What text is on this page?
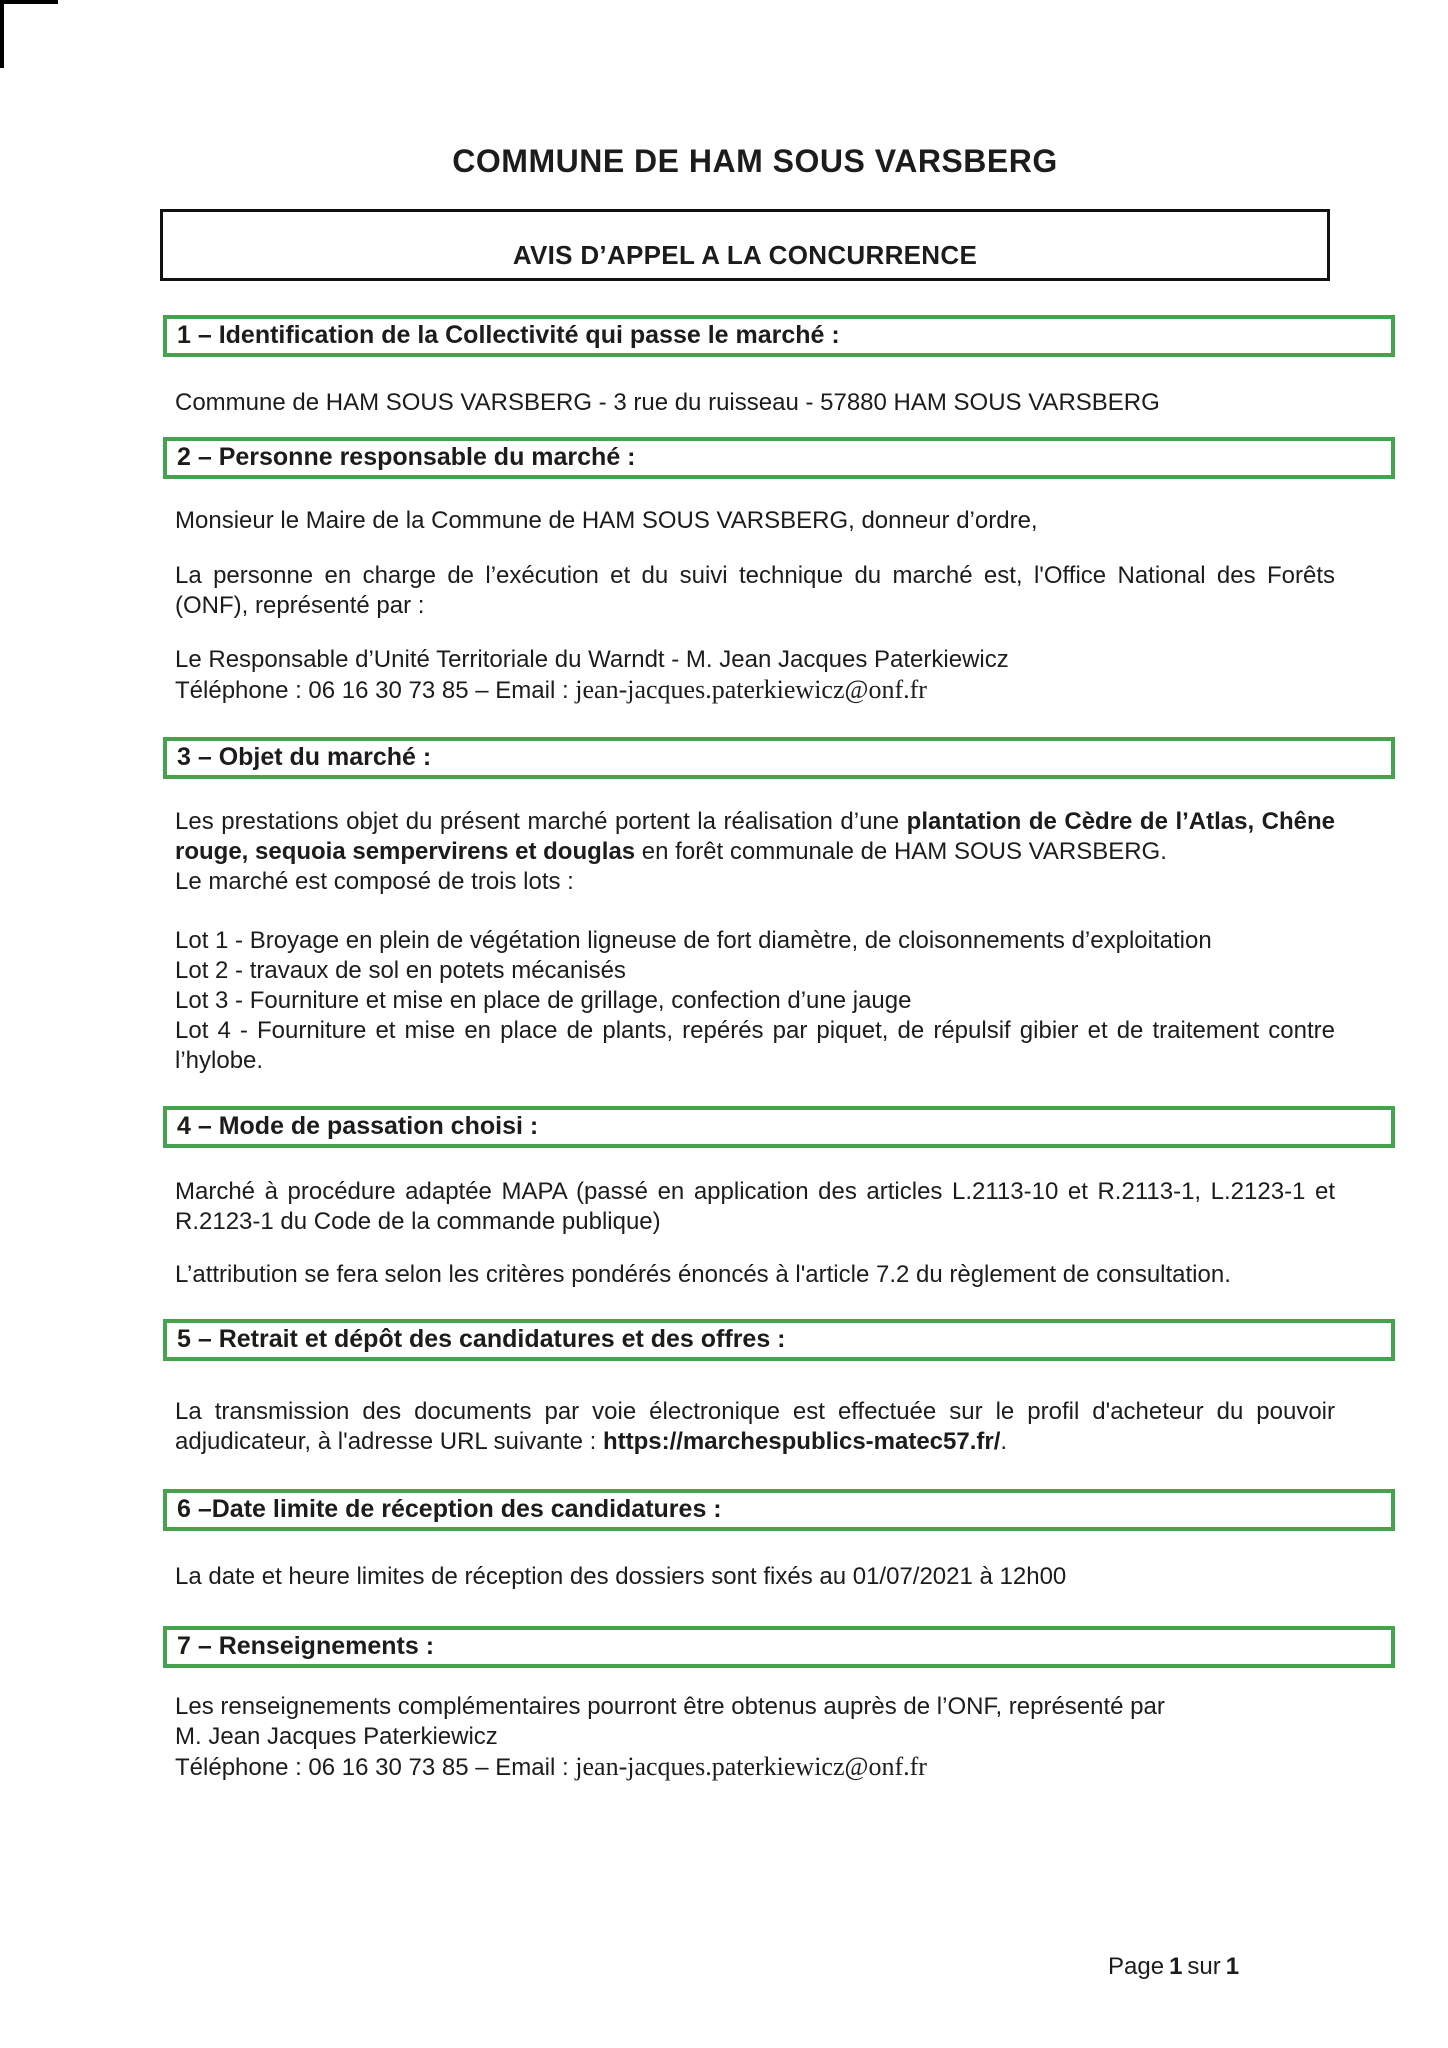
COMMUNE DE HAM SOUS VARSBERG
AVIS D’APPEL A LA CONCURRENCE
1 – Identification de la Collectivité qui passe le marché :
Commune de HAM SOUS VARSBERG - 3 rue du ruisseau - 57880 HAM SOUS VARSBERG
2 – Personne responsable du marché :
Monsieur le Maire de la Commune de HAM SOUS VARSBERG, donneur d’ordre,
La personne en charge de l’exécution et du suivi technique du marché est, l'Office National des Forêts (ONF), représenté par :
Le Responsable d’Unité Territoriale du Warndt - M. Jean Jacques Paterkiewicz
Téléphone : 06 16 30 73 85 – Email : jean-jacques.paterkiewicz@onf.fr
3 – Objet du marché :
Les prestations objet du présent marché portent la réalisation d’une plantation de Cèdre de l’Atlas, Chêne rouge, sequoia sempervirens et douglas en forêt communale de HAM SOUS VARSBERG.
Le marché est composé de trois lots :
Lot 1 - Broyage en plein de végétation ligneuse de fort diamètre, de cloisonnements d’exploitation
Lot 2 - travaux de sol en potets mécanisés
Lot 3 - Fourniture et mise en place de grillage, confection d’une jauge
Lot 4 - Fourniture et mise en place de plants, repérés par piquet, de répulsif gibier et de traitement contre l’hylobe.
4 – Mode de passation choisi :
Marché à procédure adaptée MAPA (passé en application des articles L.2113-10 et R.2113-1, L.2123-1 et R.2123-1 du Code de la commande publique)
L’attribution se fera selon les critères pondérés énoncés à l'article 7.2 du règlement de consultation.
5 – Retrait et dépôt des candidatures et des offres :
La transmission des documents par voie électronique est effectuée sur le profil d'acheteur du pouvoir adjudicateur, à l'adresse URL suivante : https://marchespublics-matec57.fr/.
6 –Date limite de réception des candidatures :
La date et heure limites de réception des dossiers sont fixés au 01/07/2021 à 12h00
7 – Renseignements :
Les renseignements complémentaires pourront être obtenus auprès de l’ONF, représenté par
M. Jean Jacques Paterkiewicz
Téléphone : 06 16 30 73 85 – Email : jean-jacques.paterkiewicz@onf.fr
Page 1 sur 1
